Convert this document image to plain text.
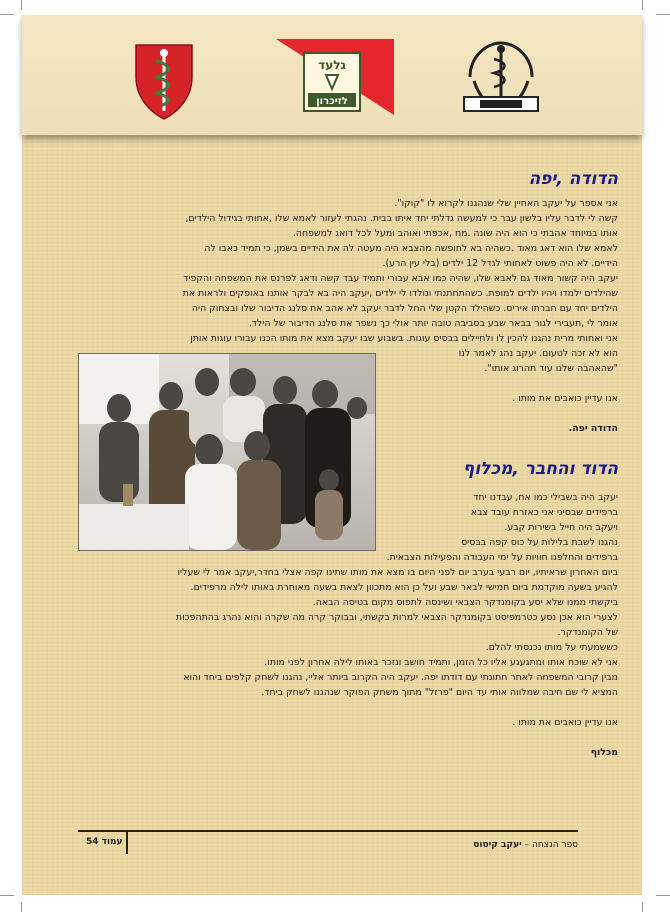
גלעד
לזיכרון
הדודה ,יפה
אני אספר על יעקב האחיין שלי שנהגנו לקרוא לו "קוקו".
קשה לי לדבר עליו בלשון עבר כי למעשה גדלתי יחד איתו בבית. נהגתי לעזור לאמא שלו ,אחותי בגידול הילדים,
אותו במיוחד אהבתי כי הוא היה שונה .מח ,אכפתי ואוהב ומעל לכל דואג למשפחה.
לאמא שלו הוא דאג מאוד .כשהיה בא לחופשה מהצבא היה מעטה לה את הידיים בשמן, כי תמיד כאבו לה
הידיים. לא היה פשוט לאחותי לגדל 12 ילדים (בלי עין הרע).
יעקב היה קשור מאוד גם לאבא שלו, שהיה כמו אבא עבורי ותמיד עבד קשה ודאג לפרנס את המשפחה והקפיד
שהילדים ילמדו ויהיו ילדים למופת. כשהתחתנתי ונולדו לי ילדים ,יעקב היה בא לבקר אותנו באופקים ולראות את
הילדים יחד עם חברתו איריס. כשהילד הקטן שלי החל לדבר יעקב לא אהב את סלנג הדיבור שלו ובצחוק היה
אומר לי ,תעבירי לגור בבאר שבע בסביבה טובה יותר אולי כך נשפר את סלנג הדיבור של הילד.
אני ואחותי מרית נהגנו להכין לו ולחיילים בבסיס עוגות. בשבוע שבו יעקב מצא את מותו הכנו עבורו עוגות אותן
הוא לא זכה לטעום. יעקב נהג לאמר לנו
"שהאהבה שלנו עוד תהרוג אותו".
אנו עדיין כואבים את מותו .
הדודה יפה.
הדוד והחבר ,מכלוף
יעקב היה בשבילי כמו אח, עבדנו יחד
ברפידים שבסיני אני כאזרח עובד צבא
ויעקב היה חייל בשירות קבע.
נהגנו לשבת בלילות על כוס קפה בבסיס
ברפידים והחלפנו חוויות על ימי העבודה והפעילות הצבאית.
ביום האחרון שראיתיו, יום רבעי בערב יום לפני היום בו מצא את מותו שתינו קפה אצלי בחדר,יעקב אמר לי שעליו
להגיע בשעה מוקדמת ביום חמישי לבאר שבע ועל כן הוא מתכוון לצאת בשעה מאוחרת באותו לילה מרפידים.
ביקשתי ממנו שלא יסע בקומנדקר הצבאי ושינסה לתפוס מקום בטיסה הבאה.
לצערי הוא אכן נסע כטרמפיסט בקומנדקר הצבאי למרות בקשתי, ובבוקר קרה מה שקרה והוא נהרג בהתהפכות
של הקומנדקר.
כששמעתי על מותו נכנסתי להלם.
אני לא שוכח אותו ומתגעגע אליו כל הזמן, ותמיד חושב ונזכר באותו לילה אחרון לפני מותו.
מבין קרובי המשפחה לאחר חתונתי עם דודתו יפה. יעקב היה הקרוב ביותר אליי, נהגנו לשחק קלפים ביחד והוא
המציא לי שם חיבה שמלווה אותי עד היום "פרזל" מתוך משחק הפוקר שנהגנו לשחק ביחד.
אנו עדיין כואבים את מותו .
מכלוף
עמוד 54	ספר הנצחה – יעקב קיסוס
